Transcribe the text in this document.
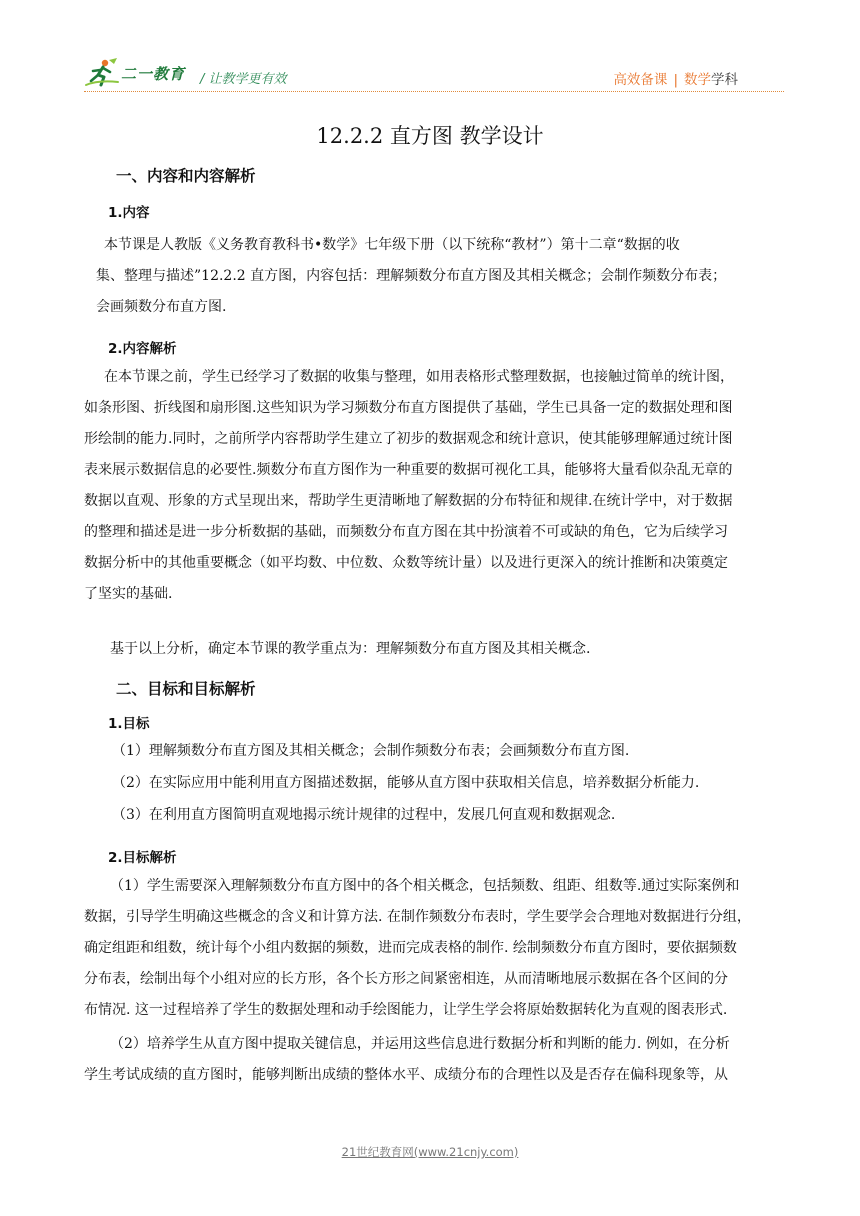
二一教育 / 让教学更有效	高效备课 | 数学学科
12.2.2 直方图 教学设计
一、内容和内容解析
1.内容
本节课是人教版《义务教育教科书•数学》七年级下册（以下统称“教材”）第十二章“数据的收
集、整理与描述”12.2.2 直方图，内容包括：理解频数分布直方图及其相关概念；会制作频数分布表；
会画频数分布直方图.
2.内容解析
在本节课之前，学生已经学习了数据的收集与整理，如用表格形式整理数据，也接触过简单的统计图，
如条形图、折线图和扇形图.这些知识为学习频数分布直方图提供了基础，学生已具备一定的数据处理和图
形绘制的能力.同时，之前所学内容帮助学生建立了初步的数据观念和统计意识，使其能够理解通过统计图
表来展示数据信息的必要性.频数分布直方图作为一种重要的数据可视化工具，能够将大量看似杂乱无章的
数据以直观、形象的方式呈现出来，帮助学生更清晰地了解数据的分布特征和规律.在统计学中，对于数据
的整理和描述是进一步分析数据的基础，而频数分布直方图在其中扮演着不可或缺的角色，它为后续学习
数据分析中的其他重要概念（如平均数、中位数、众数等统计量）以及进行更深入的统计推断和决策奠定
了坚实的基础.
基于以上分析，确定本节课的教学重点为：理解频数分布直方图及其相关概念.
二、目标和目标解析
1.目标
（1）理解频数分布直方图及其相关概念；会制作频数分布表；会画频数分布直方图.
（2）在实际应用中能利用直方图描述数据，能够从直方图中获取相关信息，培养数据分析能力.
（3）在利用直方图简明直观地揭示统计规律的过程中，发展几何直观和数据观念.
2.目标解析
（1）学生需要深入理解频数分布直方图中的各个相关概念，包括频数、组距、组数等.通过实际案例和
数据，引导学生明确这些概念的含义和计算方法. 在制作频数分布表时，学生要学会合理地对数据进行分组，
确定组距和组数，统计每个小组内数据的频数，进而完成表格的制作. 绘制频数分布直方图时，要依据频数
分布表，绘制出每个小组对应的长方形，各个长方形之间紧密相连，从而清晰地展示数据在各个区间的分
布情况. 这一过程培养了学生的数据处理和动手绘图能力，让学生学会将原始数据转化为直观的图表形式.
（2）培养学生从直方图中提取关键信息，并运用这些信息进行数据分析和判断的能力. 例如，在分析
学生考试成绩的直方图时，能够判断出成绩的整体水平、成绩分布的合理性以及是否存在偏科现象等，从
21世纪教育网(www.21cnjy.com)
